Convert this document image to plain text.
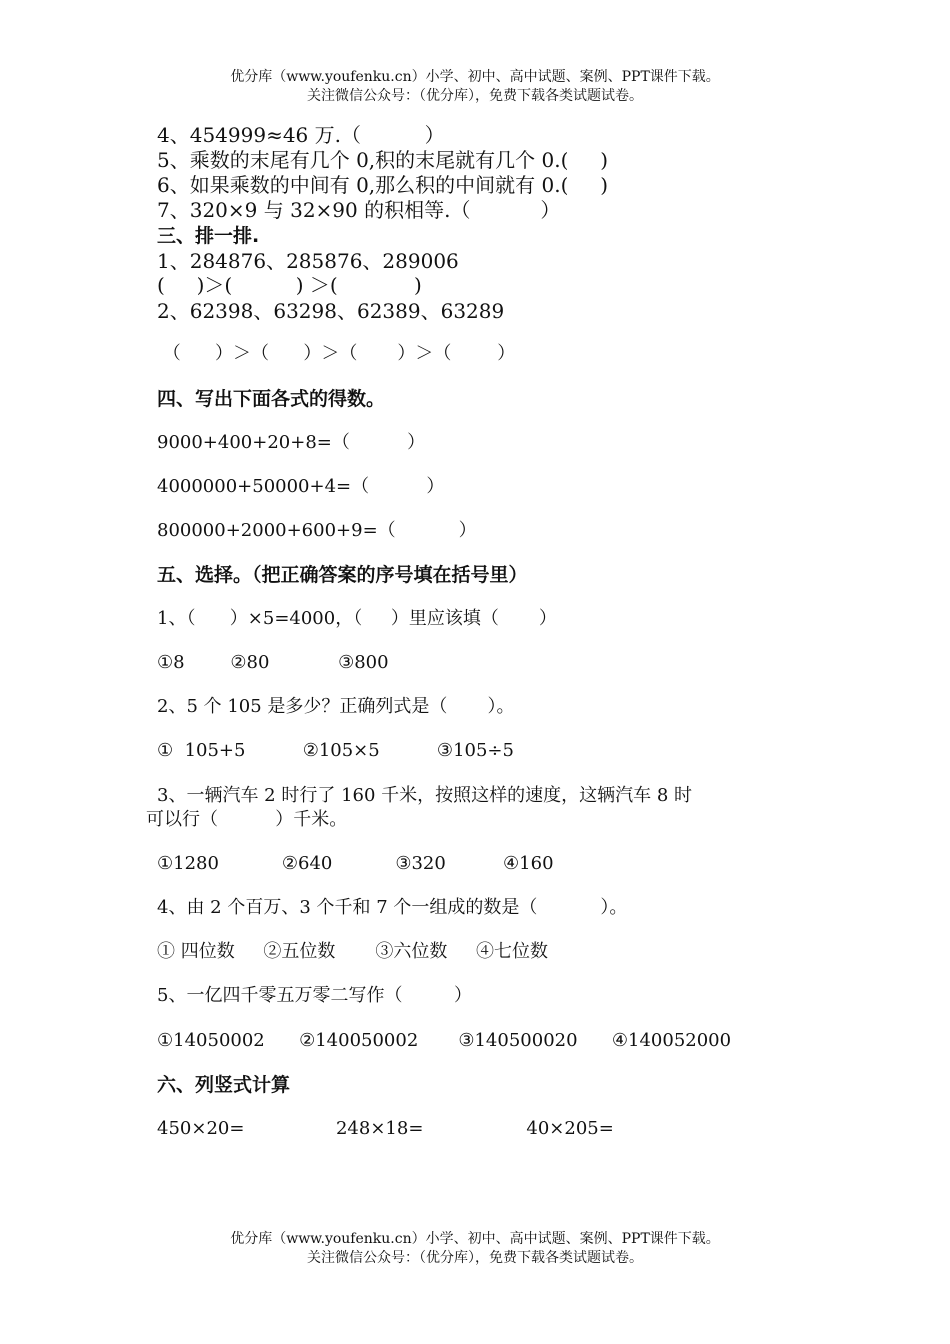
优分库（www.youfenku.cn）小学、初中、高中试题、案例、PPT课件下载。
关注微信公众号：（优分库），免费下载各类试题试卷。
4、454999≈46 万.（          ）
5、乘数的末尾有几个 0,积的末尾就有几个 0.(     )
6、如果乘数的中间有 0,那么积的中间就有 0.(     )
7、320×9 与 32×90 的积相等.（           ）
三、排一排.
1、284876、285876、289006
(     )＞(          ) ＞(            )
2、62398、63298、62389、63289
（      ）＞（      ）＞（       ）＞（        ）
四、写出下面各式的得数。
9000+400+20+8=（          ）
4000000+50000+4=（          ）
800000+2000+600+9=（           ）
五、选择。（把正确答案的序号填在括号里）
1、（      ）×5=4000，（     ）里应该填（       ）
①8        ②80            ③800
2、5 个 105 是多少？正确列式是（       ）。
①  105+5          ②105×5          ③105÷5
3、一辆汽车 2 时行了 160 千米，按照这样的速度，这辆汽车 8 时
可以行（          ）千米。
①1280           ②640           ③320          ④160
4、由 2 个百万、3 个千和 7 个一组成的数是（           ）。
① 四位数     ②五位数       ③六位数     ④七位数
5、一亿四千零五万零二写作（         ）
①14050002      ②140050002       ③140500020      ④140052000
六、列竖式计算
450×20=                248×18=                  40×205=
优分库（www.youfenku.cn）小学、初中、高中试题、案例、PPT课件下载。
关注微信公众号：（优分库），免费下载各类试题试卷。
